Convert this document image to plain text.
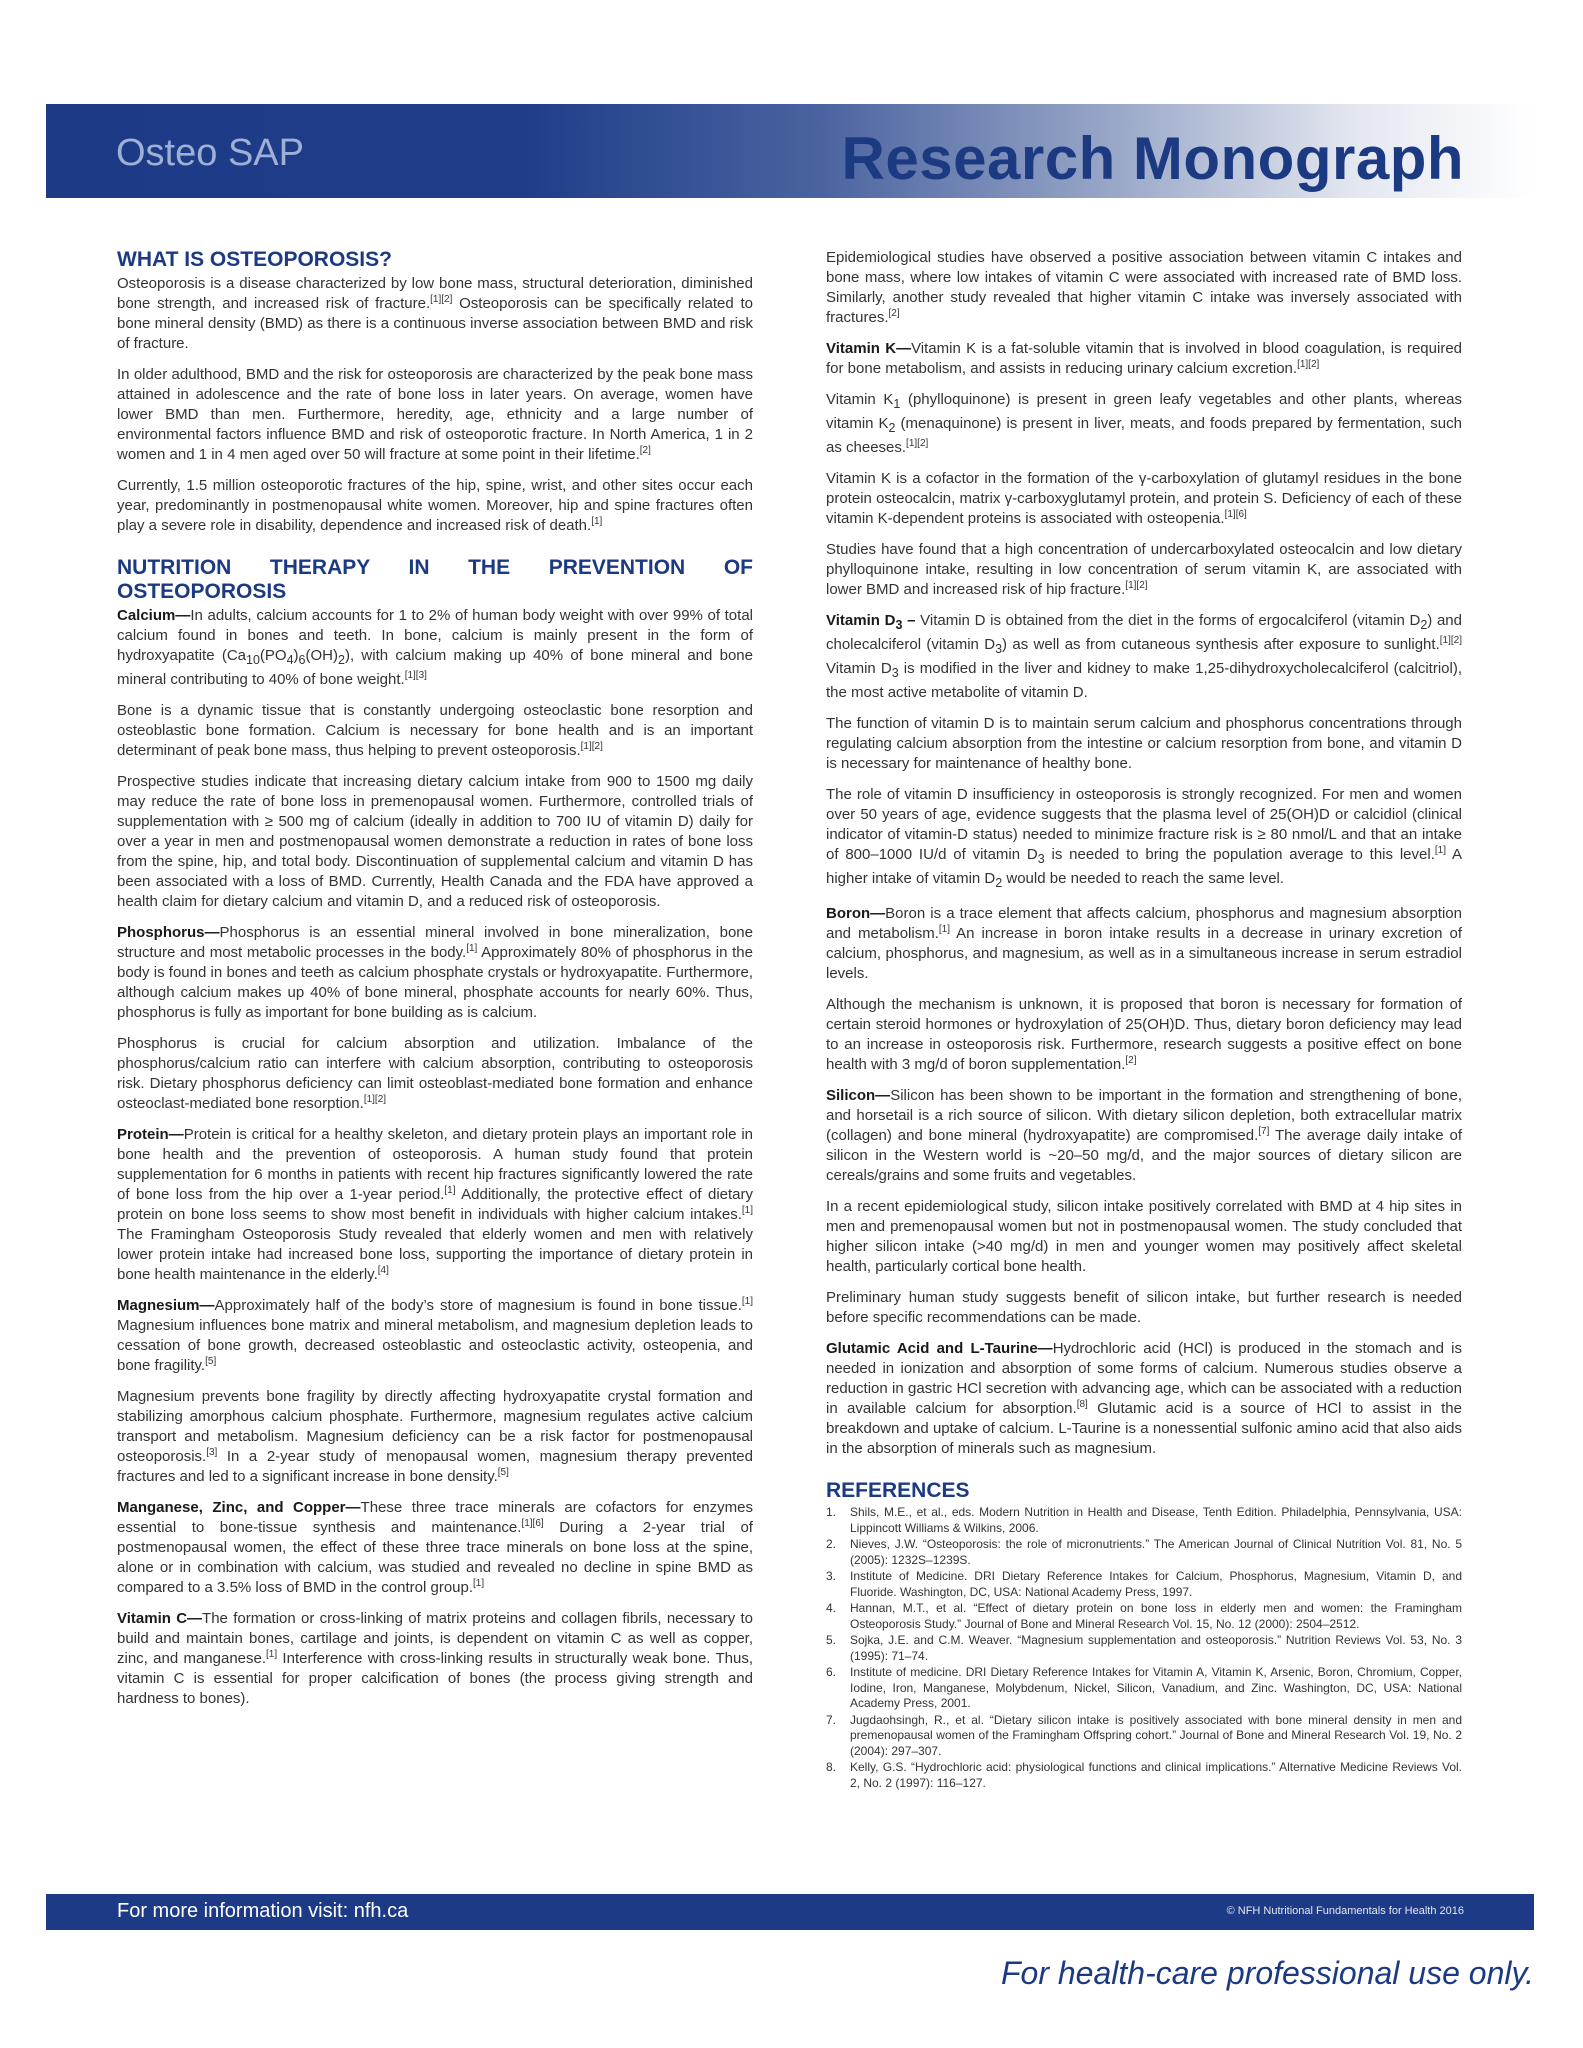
Osteo SAP	Research Monograph
WHAT IS OSTEOPOROSIS?

Osteoporosis is a disease characterized by low bone mass, structural deterioration, diminished bone strength, and increased risk of fracture.[1][2] Osteoporosis can be specifically related to bone mineral density (BMD) as there is a continuous inverse association between BMD and risk of fracture.

In older adulthood, BMD and the risk for osteoporosis are characterized by the peak bone mass attained in adolescence and the rate of bone loss in later years. On average, women have lower BMD than men. Furthermore, heredity, age, ethnicity and a large number of environmental factors influence BMD and risk of osteoporotic fracture. In North America, 1 in 2 women and 1 in 4 men aged over 50 will fracture at some point in their lifetime.[2]

Currently, 1.5 million osteoporotic fractures of the hip, spine, wrist, and other sites occur each year, predominantly in postmenopausal white women. Moreover, hip and spine fractures often play a severe role in disability, dependence and increased risk of death.[1]

NUTRITION THERAPY IN THE PREVENTION OF OSTEOPOROSIS

Calcium—In adults, calcium accounts for 1 to 2% of human body weight with over 99% of total calcium found in bones and teeth. In bone, calcium is mainly present in the form of hydroxyapatite $(Ca_{10}(PO_4)_6(OH)_2)$, with calcium making up 40% of bone mineral and bone mineral contributing to 40% of bone weight.[1][3]

Bone is a dynamic tissue that is constantly undergoing osteoclastic bone resorption and osteoblastic bone formation. Calcium is necessary for bone health and is an important determinant of peak bone mass, thus helping to prevent osteoporosis.[1][2]

Prospective studies indicate that increasing dietary calcium intake from 900 to 1500 mg daily may reduce the rate of bone loss in premenopausal women. Furthermore, controlled trials of supplementation with ≥ 500 mg of calcium (ideally in addition to 700 IU of vitamin D) daily for over a year in men and postmenopausal women demonstrate a reduction in rates of bone loss from the spine, hip, and total body. Discontinuation of supplemental calcium and vitamin D has been associated with a loss of BMD. Currently, Health Canada and the FDA have approved a health claim for dietary calcium and vitamin D, and a reduced risk of osteoporosis.

Phosphorus—Phosphorus is an essential mineral involved in bone mineralization, bone structure and most metabolic processes in the body.[1] Approximately 80% of phosphorus in the body is found in bones and teeth as calcium phosphate crystals or hydroxyapatite. Furthermore, although calcium makes up 40% of bone mineral, phosphate accounts for nearly 60%. Thus, phosphorus is fully as important for bone building as is calcium.

Phosphorus is crucial for calcium absorption and utilization. Imbalance of the phosphorus/calcium ratio can interfere with calcium absorption, contributing to osteoporosis risk. Dietary phosphorus deficiency can limit osteoblast-mediated bone formation and enhance osteoclast-mediated bone resorption.[1][2]

Protein—Protein is critical for a healthy skeleton, and dietary protein plays an important role in bone health and the prevention of osteoporosis. A human study found that protein supplementation for 6 months in patients with recent hip fractures significantly lowered the rate of bone loss from the hip over a 1-year period.[1] Additionally, the protective effect of dietary protein on bone loss seems to show most benefit in individuals with higher calcium intakes.[1] The Framingham Osteoporosis Study revealed that elderly women and men with relatively lower protein intake had increased bone loss, supporting the importance of dietary protein in bone health maintenance in the elderly.[4]

Magnesium—Approximately half of the body’s store of magnesium is found in bone tissue.[1] Magnesium influences bone matrix and mineral metabolism, and magnesium depletion leads to cessation of bone growth, decreased osteoblastic and osteoclastic activity, osteopenia, and bone fragility.[5]

Magnesium prevents bone fragility by directly affecting hydroxyapatite crystal formation and stabilizing amorphous calcium phosphate. Furthermore, magnesium regulates active calcium transport and metabolism. Magnesium deficiency can be a risk factor for postmenopausal osteoporosis.[3] In a 2-year study of menopausal women, magnesium therapy prevented fractures and led to a significant increase in bone density.[5]

Manganese, Zinc, and Copper—These three trace minerals are cofactors for enzymes essential to bone-tissue synthesis and maintenance.[1][6] During a 2-year trial of postmenopausal women, the effect of these three trace minerals on bone loss at the spine, alone or in combination with calcium, was studied and revealed no decline in spine BMD as compared to a 3.5% loss of BMD in the control group.[1]

Vitamin C—The formation or cross-linking of matrix proteins and collagen fibrils, necessary to build and maintain bones, cartilage and joints, is dependent on vitamin C as well as copper, zinc, and manganese.[1] Interference with cross-linking results in structurally weak bone. Thus, vitamin C is essential for proper calcification of bones (the process giving strength and hardness to bones).

Epidemiological studies have observed a positive association between vitamin C intakes and bone mass, where low intakes of vitamin C were associated with increased rate of BMD loss. Similarly, another study revealed that higher vitamin C intake was inversely associated with fractures.[2]

Vitamin K—Vitamin K is a fat-soluble vitamin that is involved in blood coagulation, is required for bone metabolism, and assists in reducing urinary calcium excretion.[1][2]

Vitamin $K_1$ (phylloquinone) is present in green leafy vegetables and other plants, whereas vitamin $K_2$ (menaquinone) is present in liver, meats, and foods prepared by fermentation, such as cheeses.[1][2]

Vitamin K is a cofactor in the formation of the γ-carboxylation of glutamyl residues in the bone protein osteocalcin, matrix γ-carboxyglutamyl protein, and protein S. Deficiency of each of these vitamin K-dependent proteins is associated with osteopenia.[1][6]

Studies have found that a high concentration of undercarboxylated osteocalcin and low dietary phylloquinone intake, resulting in low concentration of serum vitamin K, are associated with lower BMD and increased risk of hip fracture.[1][2]

Vitamin $D_3$ – Vitamin D is obtained from the diet in the forms of ergocalciferol (vitamin $D_2$) and cholecalciferol (vitamin $D_3$) as well as from cutaneous synthesis after exposure to sunlight.[1][2] Vitamin $D_3$ is modified in the liver and kidney to make 1,25-dihydroxycholecalciferol (calcitriol), the most active metabolite of vitamin D.

The function of vitamin D is to maintain serum calcium and phosphorus concentrations through regulating calcium absorption from the intestine or calcium resorption from bone, and vitamin D is necessary for maintenance of healthy bone.

The role of vitamin D insufficiency in osteoporosis is strongly recognized. For men and women over 50 years of age, evidence suggests that the plasma level of 25(OH)D or calcidiol (clinical indicator of vitamin-D status) needed to minimize fracture risk is ≥ 80 nmol/L and that an intake of 800–1000 IU/d of vitamin $D_3$ is needed to bring the population average to this level.[1] A higher intake of vitamin $D_2$ would be needed to reach the same level.

Boron—Boron is a trace element that affects calcium, phosphorus and magnesium absorption and metabolism.[1] An increase in boron intake results in a decrease in urinary excretion of calcium, phosphorus, and magnesium, as well as in a simultaneous increase in serum estradiol levels.

Although the mechanism is unknown, it is proposed that boron is necessary for formation of certain steroid hormones or hydroxylation of 25(OH)D. Thus, dietary boron deficiency may lead to an increase in osteoporosis risk. Furthermore, research suggests a positive effect on bone health with 3 mg/d of boron supplementation.[2]

Silicon—Silicon has been shown to be important in the formation and strengthening of bone, and horsetail is a rich source of silicon. With dietary silicon depletion, both extracellular matrix (collagen) and bone mineral (hydroxyapatite) are compromised.[7] The average daily intake of silicon in the Western world is ~20–50 mg/d, and the major sources of dietary silicon are cereals/grains and some fruits and vegetables.

In a recent epidemiological study, silicon intake positively correlated with BMD at 4 hip sites in men and premenopausal women but not in postmenopausal women. The study concluded that higher silicon intake (>40 mg/d) in men and younger women may positively affect skeletal health, particularly cortical bone health.

Preliminary human study suggests benefit of silicon intake, but further research is needed before specific recommendations can be made.

Glutamic Acid and L-Taurine—Hydrochloric acid (HCl) is produced in the stomach and is needed in ionization and absorption of some forms of calcium. Numerous studies observe a reduction in gastric HCl secretion with advancing age, which can be associated with a reduction in available calcium for absorption.[8] Glutamic acid is a source of HCl to assist in the breakdown and uptake of calcium. L-Taurine is a nonessential sulfonic amino acid that also aids in the absorption of minerals such as magnesium.

REFERENCES
1.	Shils, M.E., et al., eds. Modern Nutrition in Health and Disease, Tenth Edition. Philadelphia, Pennsylvania, USA: Lippincott Williams & Wilkins, 2006.
2.	Nieves, J.W. “Osteoporosis: the role of micronutrients.” The American Journal of Clinical Nutrition Vol. 81, No. 5 (2005): 1232S–1239S.
3.	Institute of Medicine. DRI Dietary Reference Intakes for Calcium, Phosphorus, Magnesium, Vitamin D, and Fluoride. Washington, DC, USA: National Academy Press, 1997.
4.	Hannan, M.T., et al. “Effect of dietary protein on bone loss in elderly men and women: the Framingham Osteoporosis Study.” Journal of Bone and Mineral Research Vol. 15, No. 12 (2000): 2504–2512.
5.	Sojka, J.E. and C.M. Weaver. “Magnesium supplementation and osteoporosis.” Nutrition Reviews Vol. 53, No. 3 (1995): 71–74.
6.	Institute of medicine. DRI Dietary Reference Intakes for Vitamin A, Vitamin K, Arsenic, Boron, Chromium, Copper, Iodine, Iron, Manganese, Molybdenum, Nickel, Silicon, Vanadium, and Zinc. Washington, DC, USA: National Academy Press, 2001.
7.	Jugdaohsingh, R., et al. “Dietary silicon intake is positively associated with bone mineral density in men and premenopausal women of the Framingham Offspring cohort.” Journal of Bone and Mineral Research Vol. 19, No. 2 (2004): 297–307.
8.	Kelly, G.S. “Hydrochloric acid: physiological functions and clinical implications.” Alternative Medicine Reviews Vol. 2, No. 2 (1997): 116–127.
For more information visit: nfh.ca	© NFH Nutritional Fundamentals for Health 2016
For health-care professional use only.
